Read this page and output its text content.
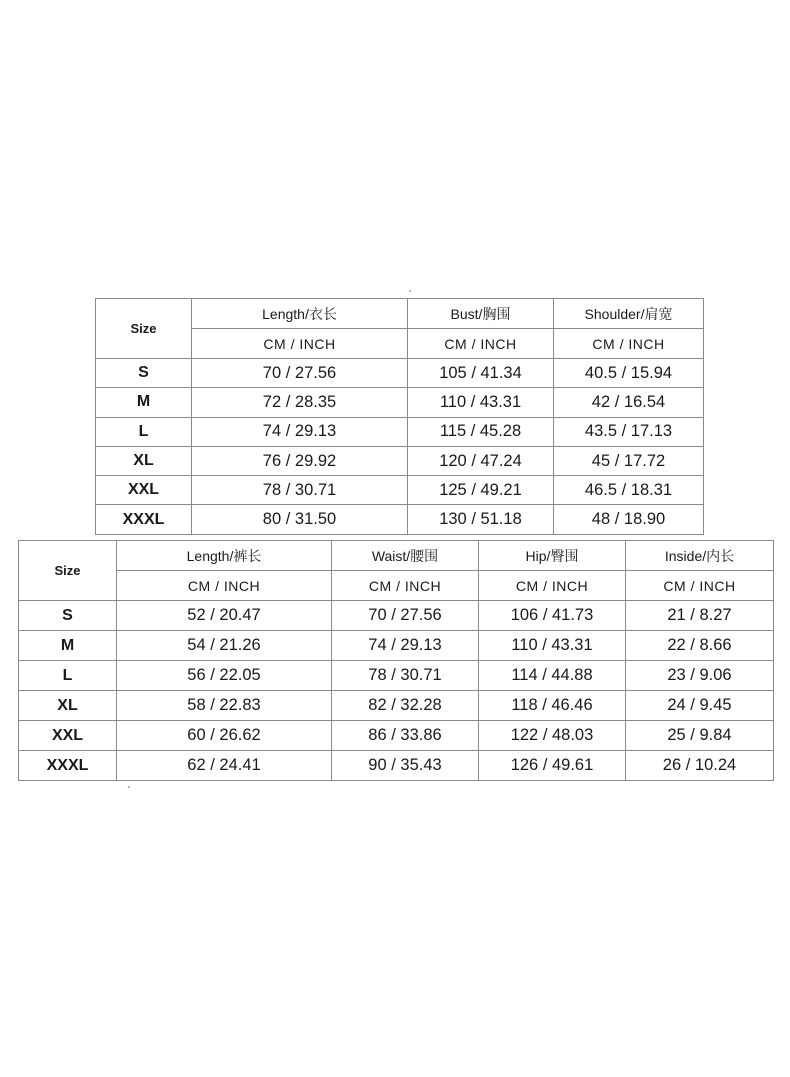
Size	Length/衣长	Bust/胸围	Shoulder/肩宽
	CM / INCH	CM / INCH	CM / INCH
S	70 / 27.56	105 / 41.34	40.5 / 15.94
M	72 / 28.35	110 / 43.31	42 / 16.54
L	74 / 29.13	115 / 45.28	43.5 / 17.13
XL	76 / 29.92	120 / 47.24	45 / 17.72
XXL	78 / 30.71	125 / 49.21	46.5 / 18.31
XXXL	80 / 31.50	130 / 51.18	48 / 18.90
Size	Length/裤长	Waist/腰围	Hip/臀围	Inside/内长
	CM / INCH	CM / INCH	CM / INCH	CM / INCH
S	52 / 20.47	70 / 27.56	106 / 41.73	21 / 8.27
M	54 / 21.26	74 / 29.13	110 / 43.31	22 / 8.66
L	56 / 22.05	78 / 30.71	114 / 44.88	23 / 9.06
XL	58 / 22.83	82 / 32.28	118 / 46.46	24 / 9.45
XXL	60 / 26.62	86 / 33.86	122 / 48.03	25 / 9.84
XXXL	62 / 24.41	90 / 35.43	126 / 49.61	26 / 10.24
